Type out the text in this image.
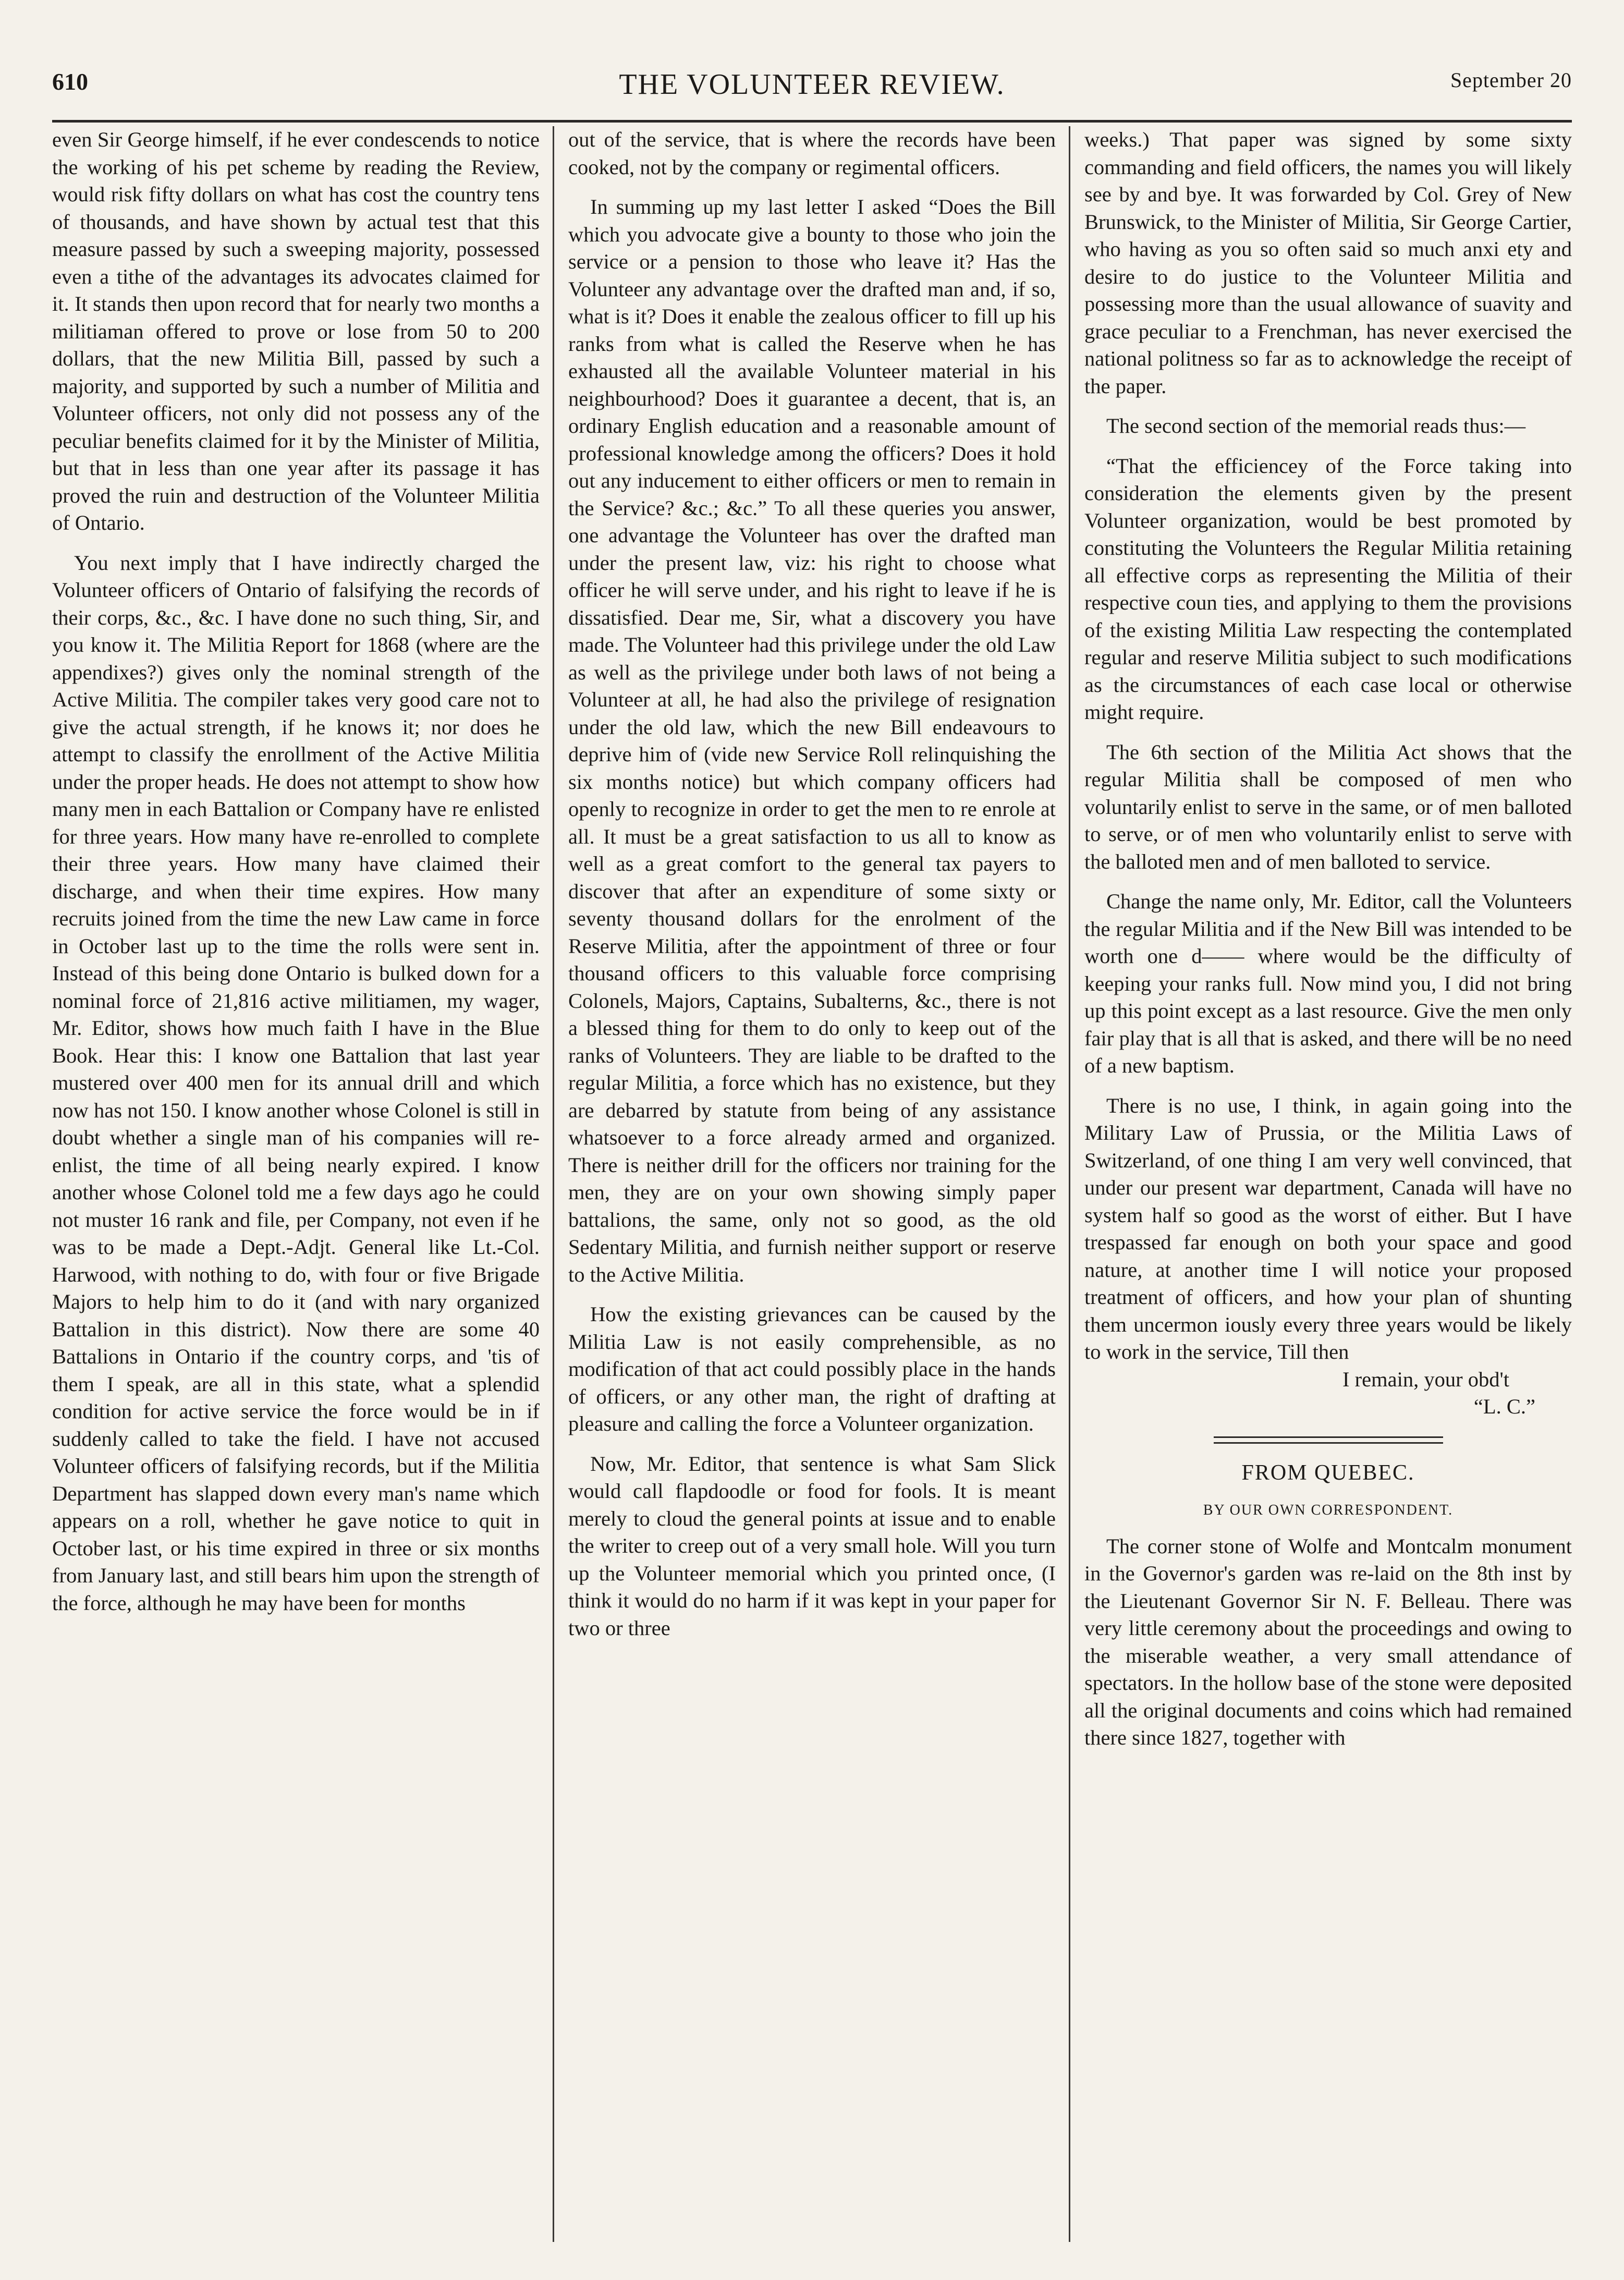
610	THE VOLUNTEER REVIEW.	September 20

even Sir George himself, if he ever condescends to notice the working of his pet scheme by reading the Review, would risk fifty dollars on what has cost the country tens of thousands, and have shown by actual test that this measure passed by such a sweeping majority, possessed even a tithe of the advantages its advocates claimed for it. It stands then upon record that for nearly two months a militiaman offered to prove or lose from 50 to 200 dollars, that the new Militia Bill, passed by such a majority, and supported by such a number of Militia and Volunteer officers, not only did not possess any of the peculiar benefits claimed for it by the Minister of Militia, but that in less than one year after its passage it has proved the ruin and destruction of the Volunteer Militia of Ontario.

You next imply that I have indirectly charged the Volunteer officers of Ontario of falsifying the records of their corps, &c., &c. I have done no such thing, Sir, and you know it. The Militia Report for 1868 (where are the appendixes?) gives only the nominal strength of the Active Militia. The compiler takes very good care not to give the actual strength, if he knows it; nor does he attempt to classify the enrollment of the Active Militia under the proper heads. He does not attempt to show how many men in each Battalion or Company have re enlisted for three years. How many have re-enrolled to complete their three years. How many have claimed their discharge, and when their time expires. How many recruits joined from the time the new Law came in force in October last up to the time the rolls were sent in. Instead of this being done Ontario is bulked down for a nominal force of 21,816 active militiamen, my wager, Mr. Editor, shows how much faith I have in the Blue Book. Hear this: I know one Battalion that last year mustered over 400 men for its annual drill and which now has not 150. I know another whose Colonel is still in doubt whether a single man of his companies will re-enlist, the time of all being nearly expired. I know another whose Colonel told me a few days ago he could not muster 16 rank and file, per Company, not even if he was to be made a Dept.-Adjt. General like Lt.-Col. Harwood, with nothing to do, with four or five Brigade Majors to help him to do it (and with nary organized Battalion in this district). Now there are some 40 Battalions in Ontario if the country corps, and 'tis of them I speak, are all in this state, what a splendid condition for active service the force would be in if suddenly called to take the field. I have not accused Volunteer officers of falsifying records, but if the Militia Department has slapped down every man's name which appears on a roll, whether he gave notice to quit in October last, or his time expired in three or six months from January last, and still bears him upon the strength of the force, although he may have been for months

out of the service, that is where the records have been cooked, not by the company or regimental officers.

In summing up my last letter I asked “Does the Bill which you advocate give a bounty to those who join the service or a pension to those who leave it? Has the Volunteer any advantage over the drafted man and, if so, what is it? Does it enable the zealous officer to fill up his ranks from what is called the Reserve when he has exhausted all the available Volunteer material in his neighbourhood? Does it guarantee a decent, that is, an ordinary English education and a reasonable amount of professional knowledge among the officers? Does it hold out any inducement to either officers or men to remain in the Service? &c.; &c.” To all these queries you answer, one advantage the Volunteer has over the drafted man under the present law, viz: his right to choose what officer he will serve under, and his right to leave if he is dissatisfied. Dear me, Sir, what a discovery you have made. The Volunteer had this privilege under the old Law as well as the privilege under both laws of not being a Volunteer at all, he had also the privilege of resignation under the old law, which the new Bill endeavours to deprive him of (vide new Service Roll relinquishing the six months notice) but which company officers had openly to recognize in order to get the men to re enrole at all. It must be a great satisfaction to us all to know as well as a great comfort to the general tax payers to discover that after an expenditure of some sixty or seventy thousand dollars for the enrolment of the Reserve Militia, after the appointment of three or four thousand officers to this valuable force comprising Colonels, Majors, Captains, Subalterns, &c., there is not a blessed thing for them to do only to keep out of the ranks of Volunteers. They are liable to be drafted to the regular Militia, a force which has no existence, but they are debarred by statute from being of any assistance whatsoever to a force already armed and organized. There is neither drill for the officers nor training for the men, they are on your own showing simply paper battalions, the same, only not so good, as the old Sedentary Militia, and furnish neither support or reserve to the Active Militia.

How the existing grievances can be caused by the Militia Law is not easily comprehensible, as no modification of that act could possibly place in the hands of officers, or any other man, the right of drafting at pleasure and calling the force a Volunteer organization.

Now, Mr. Editor, that sentence is what Sam Slick would call flapdoodle or food for fools. It is meant merely to cloud the general points at issue and to enable the writer to creep out of a very small hole. Will you turn up the Volunteer memorial which you printed once, (I think it would do no harm if it was kept in your paper for two or three

weeks.) That paper was signed by some sixty commanding and field officers, the names you will likely see by and bye. It was forwarded by Col. Grey of New Brunswick, to the Minister of Militia, Sir George Cartier, who having as you so often said so much anxi ety and desire to do justice to the Volunteer Militia and possessing more than the usual allowance of suavity and grace peculiar to a Frenchman, has never exercised the national politness so far as to acknowledge the receipt of the paper.

The second section of the memorial reads thus:—

“That the efficiencey of the Force taking into consideration the elements given by the present Volunteer organization, would be best promoted by constituting the Volunteers the Regular Militia retaining all effective corps as representing the Militia of their respective coun ties, and applying to them the provisions of the existing Militia Law respecting the contemplated regular and reserve Militia subject to such modifications as the circumstances of each case local or otherwise might require.

The 6th section of the Militia Act shows that the regular Militia shall be composed of men who voluntarily enlist to serve in the same, or of men balloted to serve, or of men who voluntarily enlist to serve with the balloted men and of men balloted to service.

Change the name only, Mr. Editor, call the Volunteers the regular Militia and if the New Bill was intended to be worth one d—— where would be the difficulty of keeping your ranks full. Now mind you, I did not bring up this point except as a last resource. Give the men only fair play that is all that is asked, and there will be no need of a new baptism.

There is no use, I think, in again going into the Military Law of Prussia, or the Militia Laws of Switzerland, of one thing I am very well convinced, that under our present war department, Canada will have no system half so good as the worst of either. But I have trespassed far enough on both your space and good nature, at another time I will notice your proposed treatment of officers, and how your plan of shunting them uncermon iously every three years would be likely to work in the service, Till then

I remain, your obd't
“L. C.”
FROM QUEBEC.
BY OUR OWN CORRESPONDENT.

The corner stone of Wolfe and Montcalm monument in the Governor's garden was re-laid on the 8th inst by the Lieutenant Governor Sir N. F. Belleau. There was very little ceremony about the proceedings and owing to the miserable weather, a very small attendance of spectators. In the hollow base of the stone were deposited all the original documents and coins which had remained there since 1827, together with
